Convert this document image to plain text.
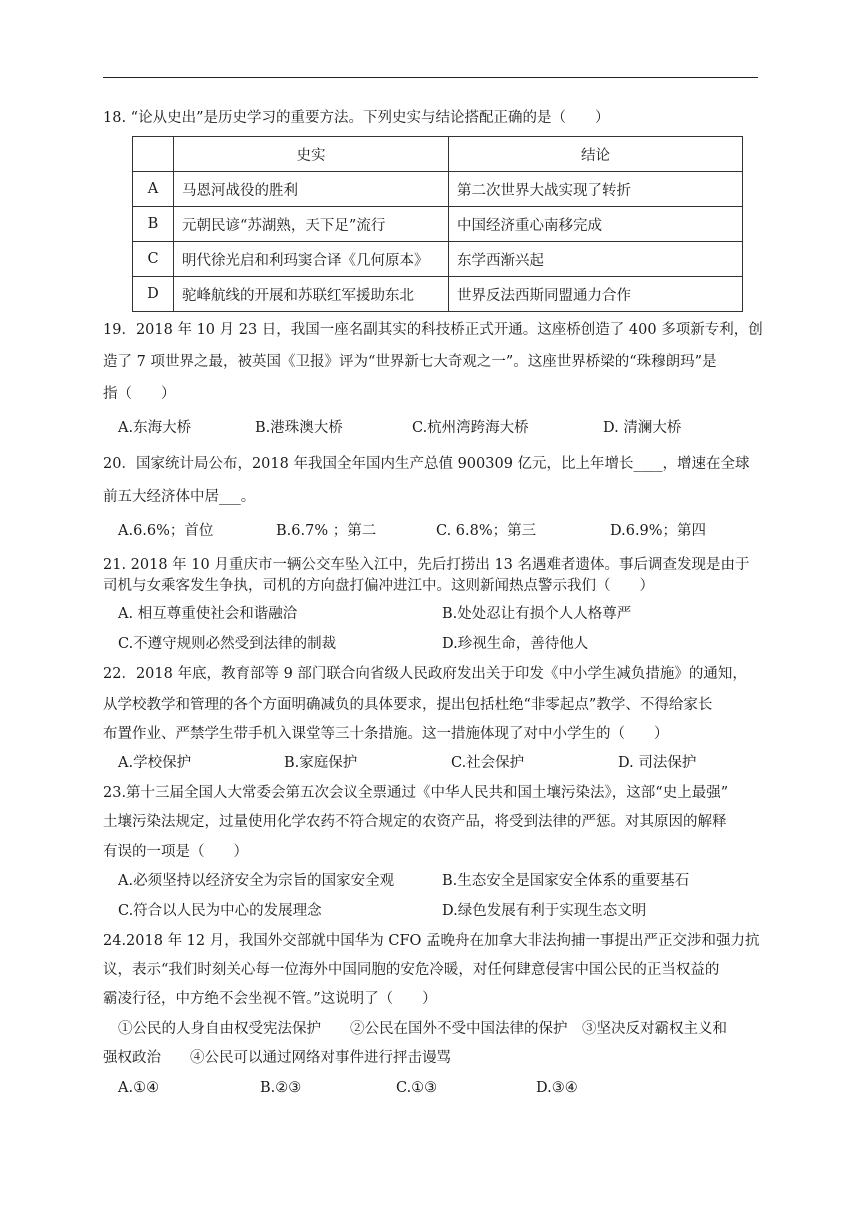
18. “论从史出”是历史学习的重要方法。下列史实与结论搭配正确的是（　　）
	史实	结论
A	马恩河战役的胜利	第二次世界大战实现了转折
B	元朝民谚“苏湖熟，天下足”流行	中国经济重心南移完成
C	明代徐光启和利玛窦合译《几何原本》	东学西渐兴起
D	驼峰航线的开展和苏联红军援助东北	世界反法西斯同盟通力合作
19．2018 年 10 月 23 日，我国一座名副其实的科技桥正式开通。这座桥创造了 400 多项新专利，创
造了 7 项世界之最，被英国《卫报》评为“世界新七大奇观之一”。这座世界桥梁的“珠穆朗玛”是
指（　　）
A.东海大桥	B.港珠澳大桥	C.杭州湾跨海大桥	D. 清澜大桥
20．国家统计局公布，2018 年我国全年国内生产总值 900309 亿元，比上年增长____，增速在全球
前五大经济体中居___。
A.6.6%；首位	B.6.7% ；第二	C. 6.8%；第三	D.6.9%；第四
21. 2018 年 10 月重庆市一辆公交车坠入江中，先后打捞出 13 名遇难者遗体。事后调查发现是由于
司机与女乘客发生争执，司机的方向盘打偏冲进江中。这则新闻热点警示我们（　　）
A. 相互尊重使社会和谐融洽	B.处处忍让有损个人人格尊严
C.不遵守规则必然受到法律的制裁	D.珍视生命，善待他人
22．2018 年底，教育部等 9 部门联合向省级人民政府发出关于印发《中小学生减负措施》的通知，
从学校教学和管理的各个方面明确减负的具体要求，提出包括杜绝“非零起点”教学、不得给家长
布置作业、严禁学生带手机入课堂等三十条措施。这一措施体现了对中小学生的（　　）
A.学校保护	B.家庭保护	C.社会保护	D. 司法保护
23.第十三届全国人大常委会第五次会议全票通过《中华人民共和国土壤污染法》，这部“史上最强”
土壤污染法规定，过量使用化学农药不符合规定的农资产品，将受到法律的严惩。对其原因的解释
有误的一项是（　　）
A.必须坚持以经济安全为宗旨的国家安全观	B.生态安全是国家安全体系的重要基石
C.符合以人民为中心的发展理念	D.绿色发展有利于实现生态文明
24.2018 年 12 月，我国外交部就中国华为 CFO 孟晚舟在加拿大非法拘捕一事提出严正交涉和强力抗
议，表示“我们时刻关心每一位海外中国同胞的安危冷暖，对任何肆意侵害中国公民的正当权益的
霸凌行径，中方绝不会坐视不管。”这说明了（　　）
①公民的人身自由权受宪法保护　　②公民在国外不受中国法律的保护　③坚决反对霸权主义和
强权政治　　④公民可以通过网络对事件进行抨击谩骂
A.①④	B.②③	C.①③	D.③④
